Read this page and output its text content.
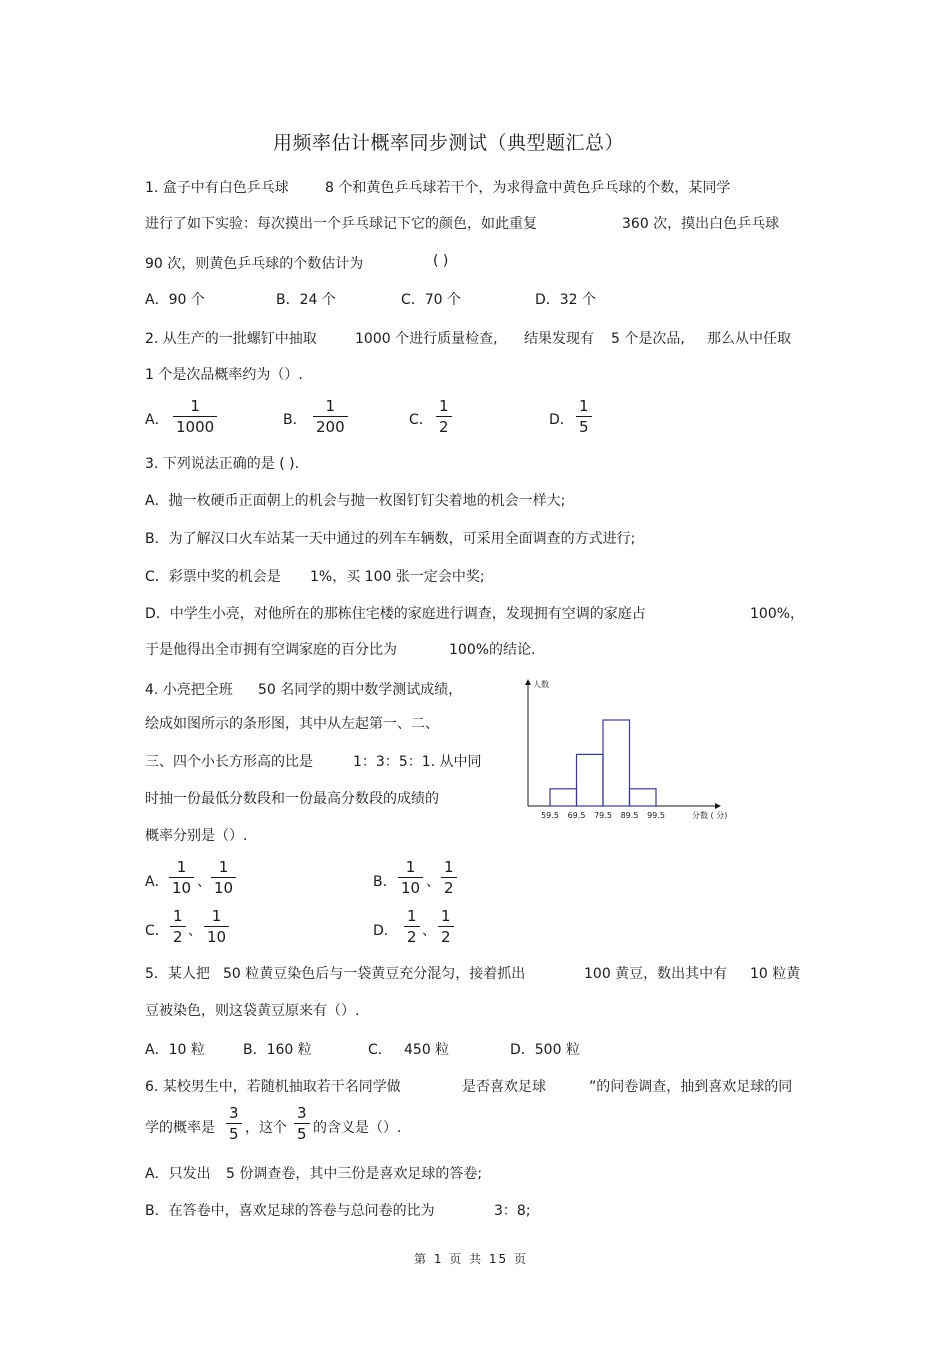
用频率估计概率同步测试（典型题汇总）
1. 盒子中有白色乒乓球	8 个和黄色乒乓球若干个，为求得盒中黄色乒乓球的个数，某同学
进行了如下实验：每次摸出一个乒乓球记下它的颜色，如此重复	360 次，摸出白色乒乓球
90 次，则黄色乒乓球的个数估计为	( )
A．90 个	B．24 个	C．70 个	D．32 个
2. 从生产的一批螺钉中抽取	1000 个进行质量检查, 结果发现有 5 个是次品, 那么从中任取
1 个是次品概率约为（）.
A．
1
1000	B．
1
200	C．
1
2	D．
1
5
3. 下列说法正确的是 ( ).
A．抛一枚硬币正面朝上的机会与抛一枚图钉钉尖着地的机会一样大;
B．为了解汉口火车站某一天中通过的列车车辆数，可采用全面调查的方式进行;
C．彩票中奖的机会是 1%，买 100 张一定会中奖;
D．中学生小亮，对他所在的那栋住宅楼的家庭进行调查，发现拥有空调的家庭占	100%，
于是他得出全市拥有空调家庭的百分比为	100%的结论.
4. 小亮把全班 50 名同学的期中数学测试成绩，
绘成如图所示的条形图，其中从左起第一、二、
三、四个小长方形高的比是	1：3：5：1. 从中同
时抽一份最低分数段和一份最高分数段的成绩的
概率分别是（）.
人数
分数 ( 分)
59.5 69.5 79.5 89.5 99.5
A．
1
10 、
1
10	B．
1
10 、
1
2
C．
1
2 、
1
10	D．
1
2 、
1
2
5．某人把 50 粒黄豆染色后与一袋黄豆充分混匀，接着抓出	100 黄豆，数出其中有 10 粒黄
豆被染色，则这袋黄豆原来有（）.
A．10 粒	B．160 粒	C． 450 粒	D．500 粒
6. 某校男生中，若随机抽取若干名同学做	是否喜欢足球	”的问卷调查，抽到喜欢足球的同
学的概率是
3
5 ，这个
3
5 的含义是（）.
A．只发出 5 份调查卷，其中三份是喜欢足球的答卷;
B．在答卷中，喜欢足球的答卷与总问卷的比为	3：8;
第 1 页 共 15 页
